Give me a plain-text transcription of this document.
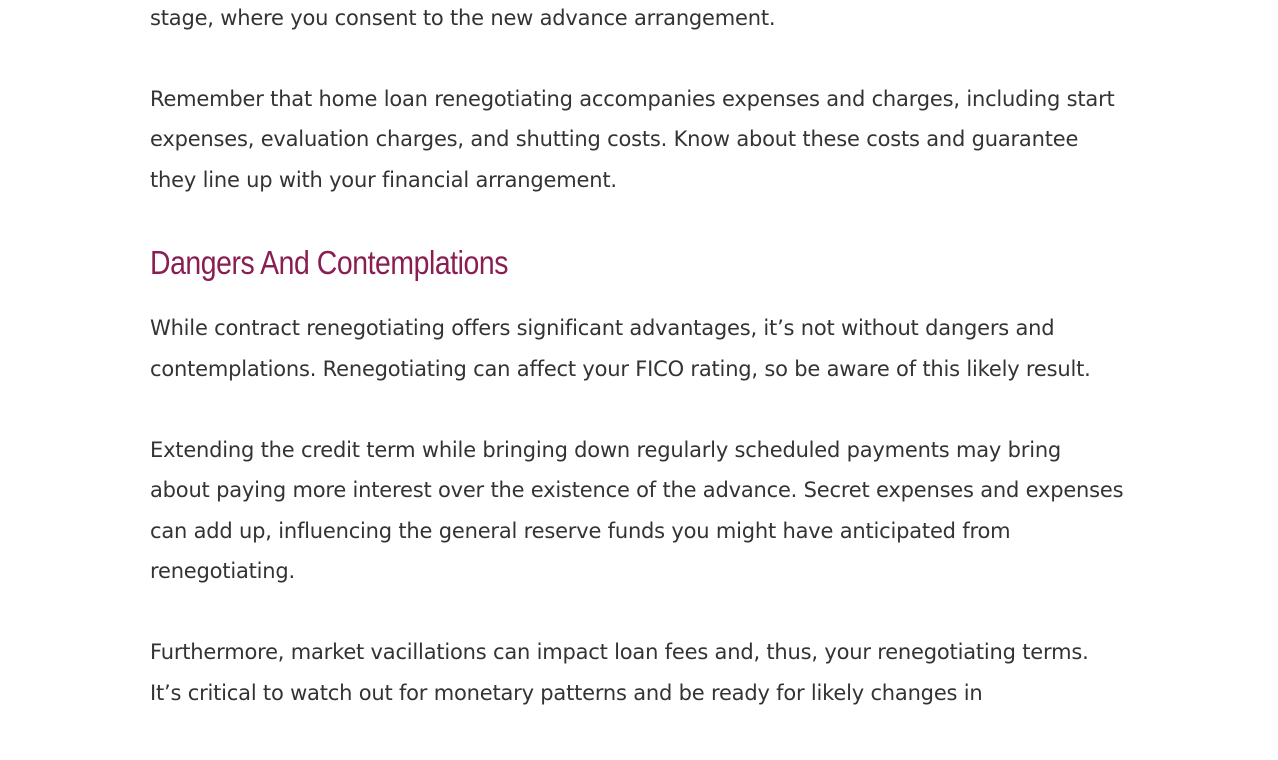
stage, where you consent to the new advance arrangement.

Remember that home loan renegotiating accompanies expenses and charges, including start expenses, evaluation charges, and shutting costs. Know about these costs and guarantee they line up with your financial arrangement.

Dangers And Contemplations

While contract renegotiating offers significant advantages, it’s not without dangers and contemplations. Renegotiating can affect your FICO rating, so be aware of this likely result.

Extending the credit term while bringing down regularly scheduled payments may bring about paying more interest over the existence of the advance. Secret expenses and expenses can add up, influencing the general reserve funds you might have anticipated from renegotiating.

Furthermore, market vacillations can impact loan fees and, thus, your renegotiating terms. It’s critical to watch out for monetary patterns and be ready for likely changes in
